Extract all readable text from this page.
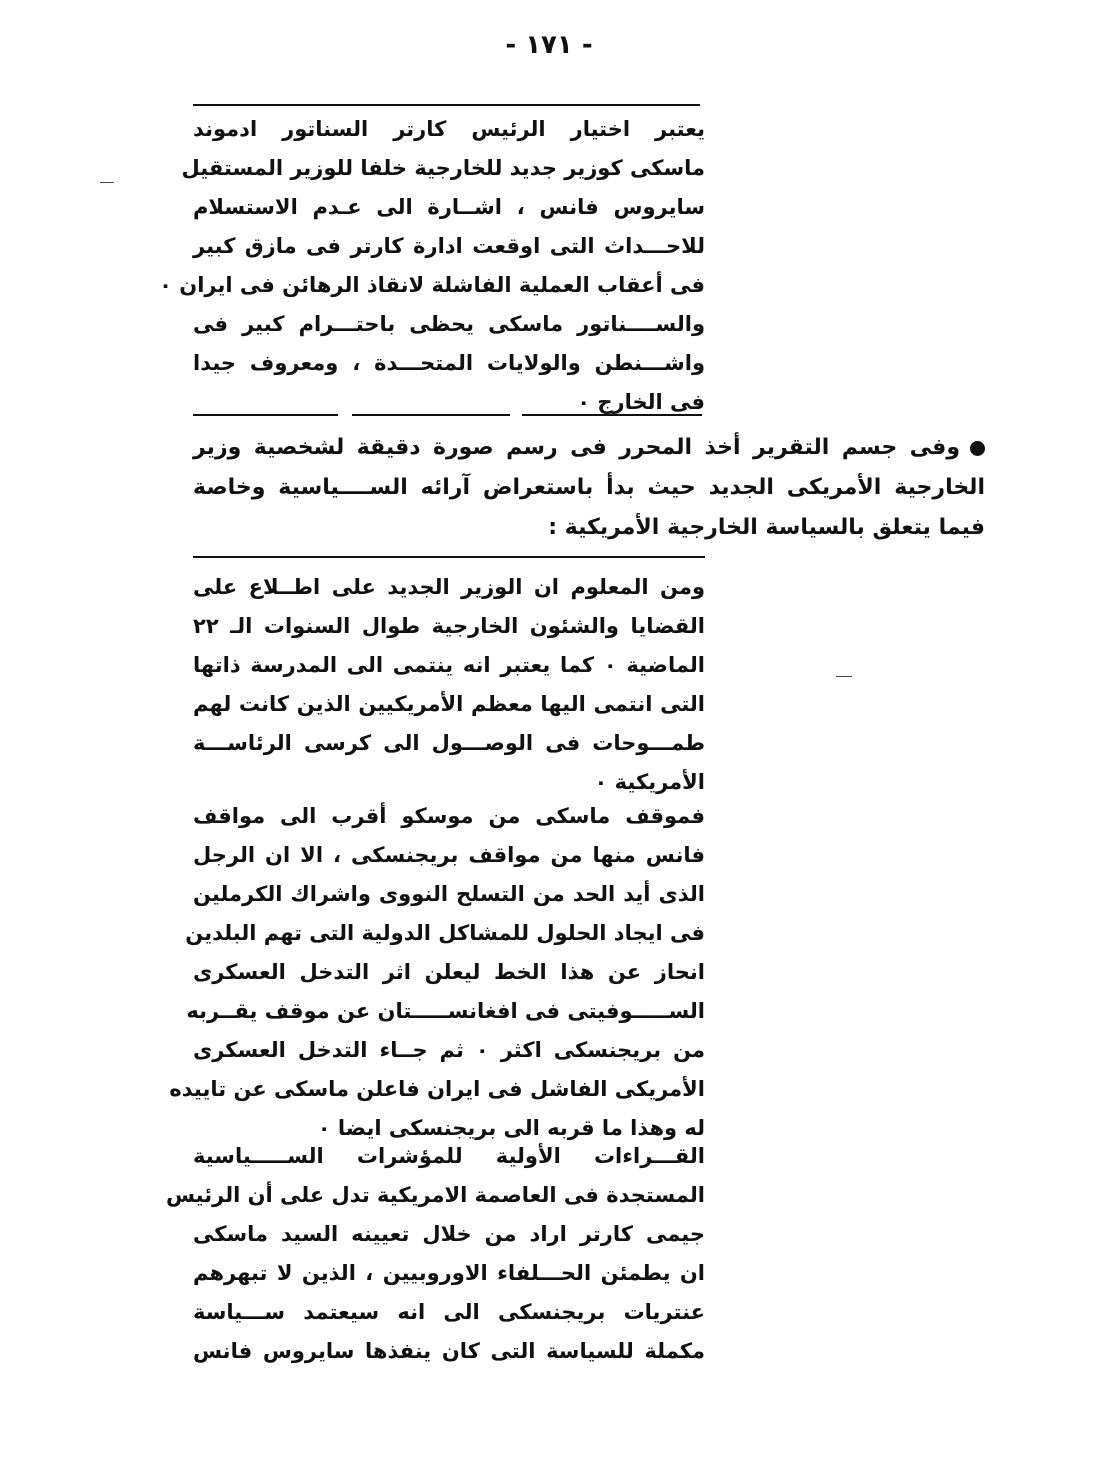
- ١٧١ -
يعتبر اختيار الرئيس كارتر السناتور ادموند
ماسكى كوزير جديد للخارجية خلفا للوزير المستقيل
سايروس فانس ، اشــارة الى عـدم الاستسلام
للاحـــداث التى اوقعت ادارة كارتر فى مازق كبير
فى أعقاب العملية الفاشلة لانقاذ الرهائن فى ايران ٠
والســــناتور ماسكى يحظى باحتـــرام كبير فى
واشـــنطن والولايات المتحـــدة ، ومعروف جيدا
فى الخارج ٠
وفى جسم التقرير أخذ المحرر فى رسم صورة دقيقة لشخصية وزير
الخارجية الأمريكى الجديد حيث بدأ باستعراض آرائه الســــياسية وخاصة
فيما يتعلق بالسياسة الخارجية الأمريكية :
ومن المعلوم ان الوزير الجديد على اطــلاع على
القضايا والشئون الخارجية طوال السنوات الـ ٢٢
الماضية ٠ كما يعتبر انه ينتمى الى المدرسة ذاتها
التى انتمى اليها معظم الأمريكيين الذين كانت لهم
طمـــوحات فى الوصـــول الى كرسى الرئاســـة
الأمريكية ٠
فموقف ماسكى من موسكو أقرب الى مواقف
فانس منها من مواقف بريجنسكى ، الا ان الرجل
الذى أيد الحد من التسلح النووى واشراك الكرملين
فى ايجاد الحلول للمشاكل الدولية التى تهم البلدين
انحاز عن هذا الخط ليعلن اثر التدخل العسكرى
الســـــوفيتى فى افغانســـــتان عن موقف يقــربه
من بريجنسكى اكثر ٠ ثم جــاء التدخل العسكرى
الأمريكى الفاشل فى ايران فاعلن ماسكى عن تاييده
له وهذا ما قربه الى بريجنسكى ايضا ٠
القـــراءات الأولية للمؤشرات الســـــياسية
المستجدة فى العاصمة الامريكية تدل على أن الرئيس
جيمى كارتر اراد من خلال تعيينه السيد ماسكى
ان يطمئن الحـــلفاء الاوروبيين ، الذين لا تبهرهم
عنتريات بريجنسكى الى انه سيعتمد ســـياسة
مكملة للسياسة التى كان ينفذها سايروس فانس
